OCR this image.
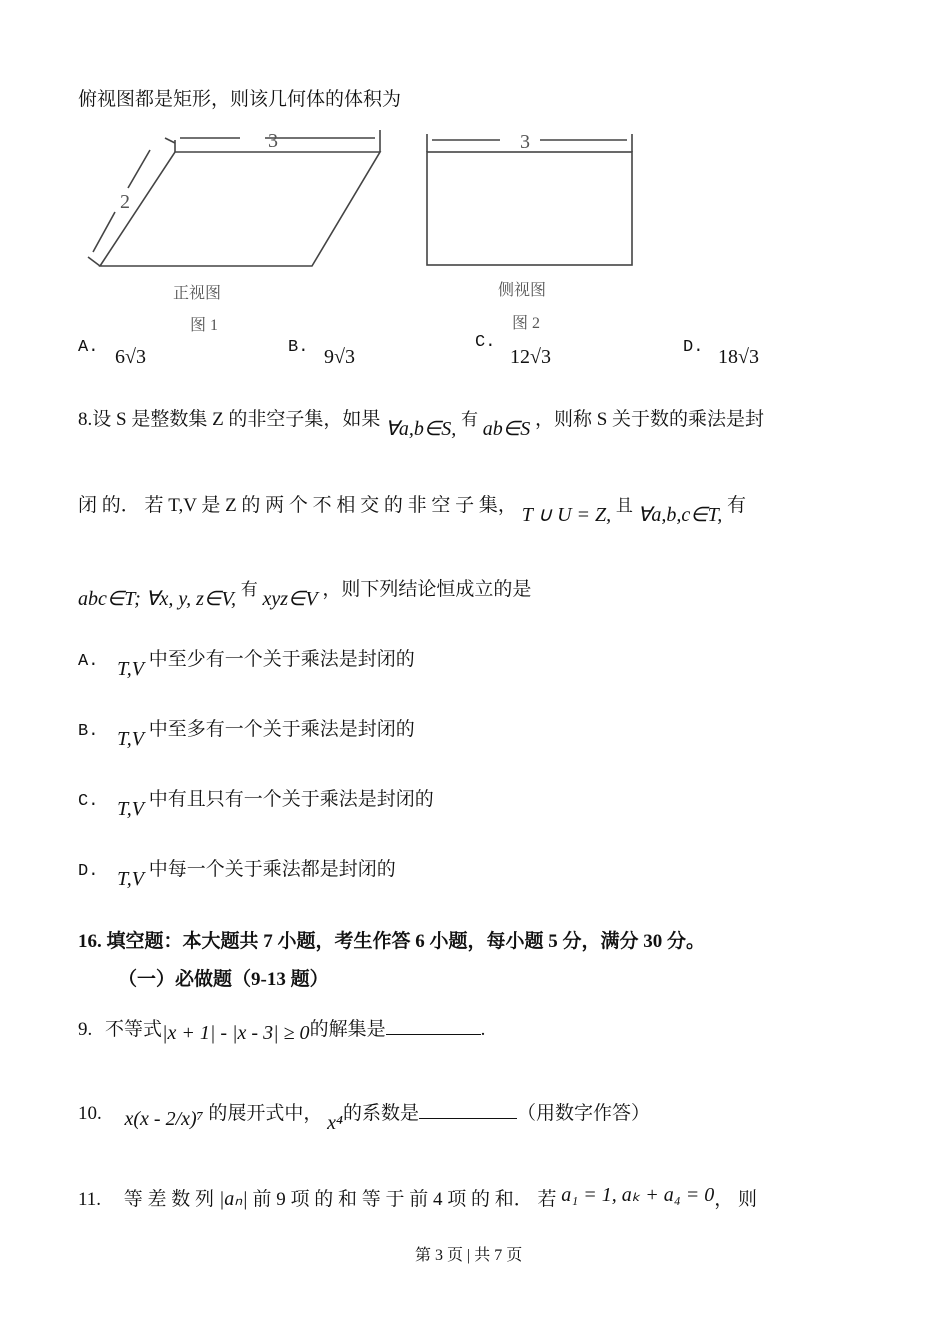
俯视图都是矩形，则该几何体的体积为
3
2
正视图
图 1
3
侧视图
图 2
A. 6√3	B. 9√3
C.
12√3	D. 18√3
8.设 S 是整数集 Z 的非空子集，如果 ∀a,b∈S, 有 ab∈S ，则称 S 关于数的乘法是封
闭 的． 若 T,V 是 Z 的 两 个 不 相 交 的 非 空 子 集， T ∪ U = Z, 且 ∀a,b,c∈T, 有
abc∈T; ∀x, y, z∈V, 有 xyz∈V ，则下列结论恒成立的是
A. T,V 中至少有一个关于乘法是封闭的
B. T,V 中至多有一个关于乘法是封闭的
C. T,V 中有且只有一个关于乘法是封闭的
D. T,V 中每一个关于乘法都是封闭的
16. 填空题：本大题共 7 小题，考生作答 6 小题，每小题 5 分，满分 30 分。
（一）必做题（9-13 题）
9. 不等式|x + 1| - |x - 3| ≥ 0的解集是	.
10. x(x - 2/x)⁷ 的展开式中， x⁴的系数是	（用数字作答）
11. 等 差 数 列 |aₙ| 前 9 项 的 和 等 于 前 4 项 的 和． 若 a₁ = 1, aₖ + a₄ = 0， 则
第 3 页 | 共 7 页
